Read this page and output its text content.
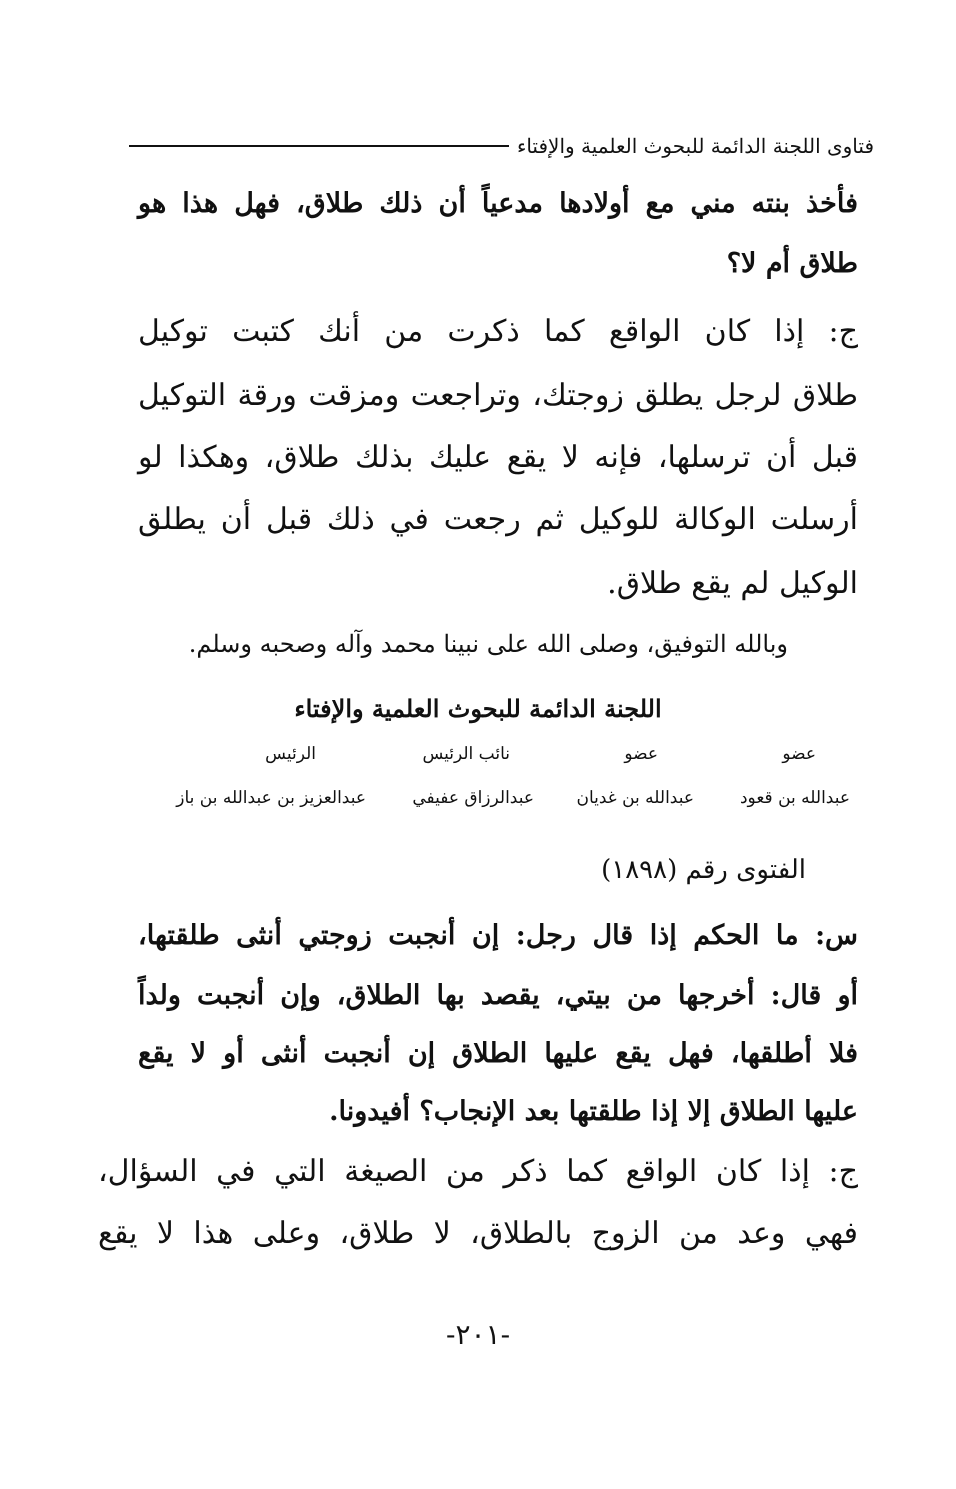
فتاوى اللجنة الدائمة للبحوث العلمية والإفتاء
فأخذ بنته مني مع أولادها مدعياً أن ذلك طلاق، فهل هذا هو
طلاق أم لا؟
ج: إذا كان الواقع كما ذكرت من أنك كتبت توكيل
طلاق لرجل يطلق زوجتك، وتراجعت ومزقت ورقة التوكيل
قبل أن ترسلها، فإنه لا يقع عليك بذلك طلاق، وهكذا لو
أرسلت الوكالة للوكيل ثم رجعت في ذلك قبل أن يطلق
الوكيل لم يقع طلاق.
وبالله التوفيق، وصلى الله على نبينا محمد وآله وصحبه وسلم.
اللجنة الدائمة للبحوث العلمية والإفتاء
عضو
عبدالله بن قعود
عضو
عبدالله بن غديان
نائب الرئيس
عبدالرزاق عفيفي
الرئيس
عبدالعزيز بن عبدالله بن باز
الفتوى رقم (١٨٩٨)
س: ما الحكم إذا قال رجل: إن أنجبت زوجتي أنثى طلقتها،
أو قال: أخرجها من بيتي، يقصد بها الطلاق، وإن أنجبت ولداً
فلا أطلقها، فهل يقع عليها الطلاق إن أنجبت أنثى أو لا يقع
عليها الطلاق إلا إذا طلقتها بعد الإنجاب؟ أفيدونا.
ج: إذا كان الواقع كما ذكر من الصيغة التي في السؤال،
فهي وعد من الزوج بالطلاق، لا طلاق، وعلى هذا لا يقع
-٢٠١-
